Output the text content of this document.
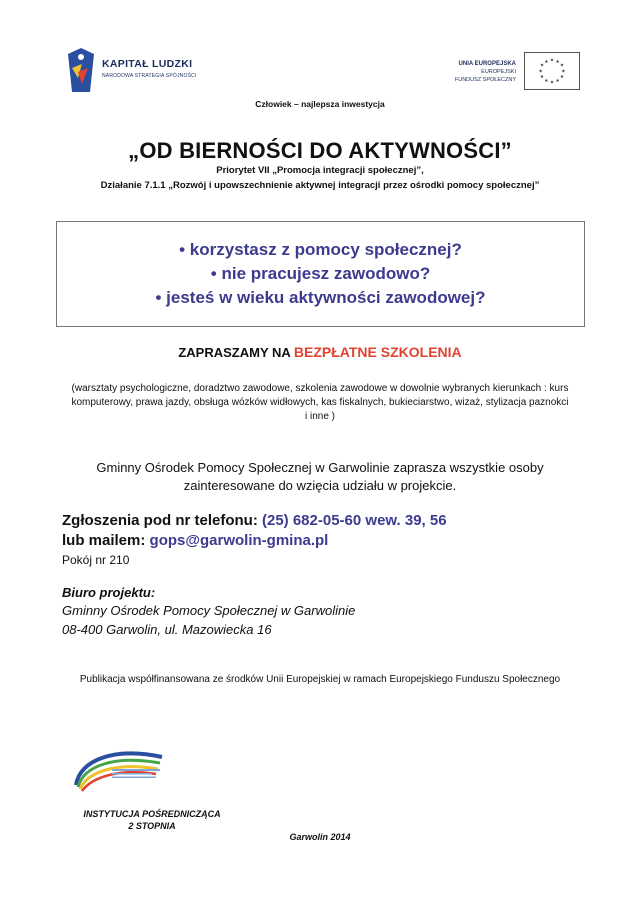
KAPITAŁ LUDZKI
NARODOWA STRATEGIA SPÓJNOŚCI
UNIA EUROPEJSKA
EUROPEJSKI
FUNDUSZ SPOŁECZNY
★ ★
★
★
★
★
★
★
★
★
★
★
Człowiek – najlepsza inwestycja
„OD BIERNOŚCI DO AKTYWNOŚCI”
Priorytet VII „Promocja integracji społecznej”,
Działanie 7.1.1 „Rozwój i upowszechnienie aktywnej integracji przez ośrodki pomocy społecznej”
• korzystasz z pomocy społecznej?
• nie pracujesz zawodowo?
• jesteś w wieku aktywności zawodowej?
ZAPRASZAMY NA BEZPŁATNE SZKOLENIA
(warsztaty psychologiczne, doradztwo zawodowe, szkolenia zawodowe w dowolnie wybranych kierunkach : kurs komputerowy, prawa jazdy, obsługa wózków widłowych, kas fiskalnych, bukieciarstwo, wizaż, stylizacja paznokci i inne )
Gminny Ośrodek Pomocy Społecznej w Garwolinie zaprasza wszystkie osoby zainteresowane do wzięcia udziału w projekcie.
Zgłoszenia pod nr telefonu: (25) 682-05-60 wew. 39, 56
lub mailem: gops@garwolin-gmina.pl
Pokój nr 210
Biuro projektu:
Gminny Ośrodek Pomocy Społecznej w Garwolinie
08-400 Garwolin, ul. Mazowiecka 16
Publikacja współfinansowana ze środków Unii Europejskiej w ramach Europejskiego Funduszu Społecznego
INSTYTUCJA POŚREDNICZĄCA
2 STOPNIA
Garwolin 2014
